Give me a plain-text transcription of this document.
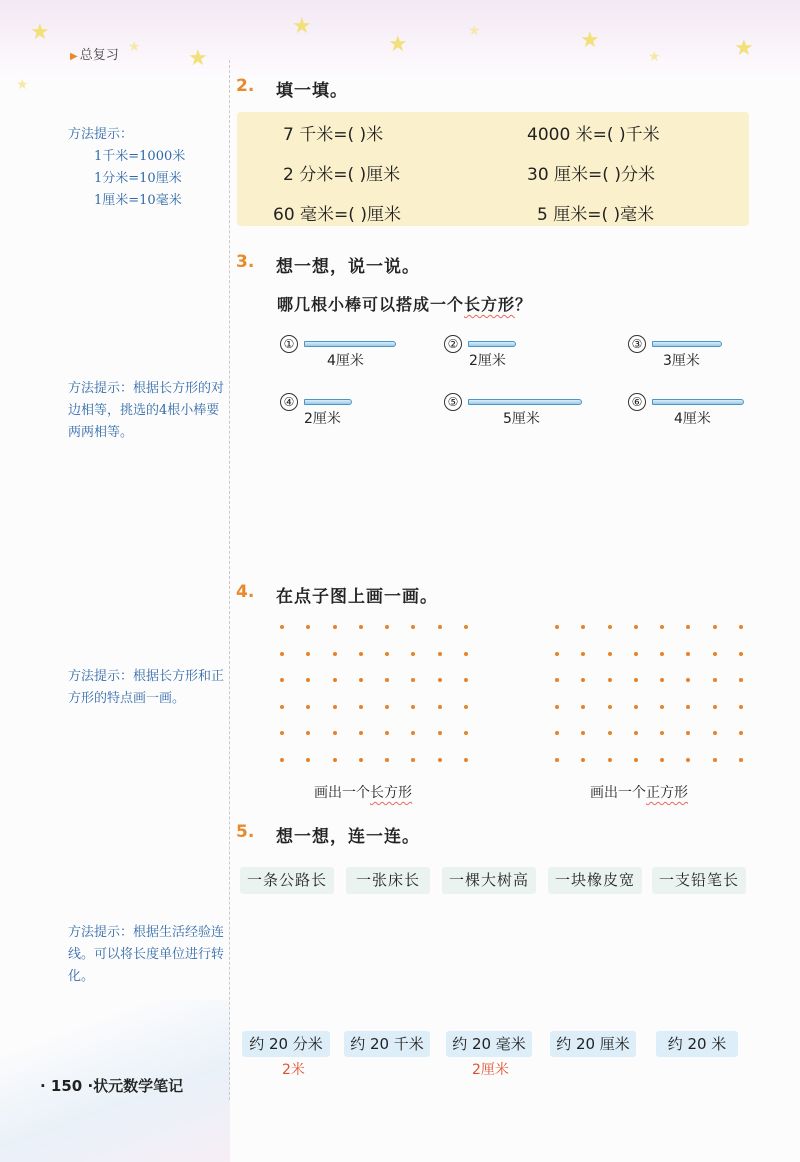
★
★
★
★	★	★
★
★
★
★
▶ 总复习
方法提示：
1千米=1000米
1分米=10厘米
1厘米=10毫米
方法提示：根据长方形的对边相等，挑选的4根小棒要两两相等。
方法提示：根据长方形和正方形的特点画一画。
方法提示：根据生活经验连线。可以将长度单位进行转化。
2. 填一填。
7 千米=( )米	4000 米=( )千米
2 分米=( )厘米	30 厘米=( )分米
60 毫米=( )厘米	5 厘米=( )毫米
3. 想一想，说一说。
哪几根小棒可以搭成一个长方形？
①
4厘米
②
2厘米
③
3厘米
④
2厘米
⑤
5厘米
⑥
4厘米
4. 在点子图上画一画。
画出一个长方形	画出一个正方形
5. 想一想，连一连。
一条公路长	一张床长	一棵大树高	一块橡皮宽	一支铅笔长
约 20 分米	约 20 千米	约 20 毫米	约 20 厘米	约 20 米
2米	2厘米
· 150 ·状元数学笔记
